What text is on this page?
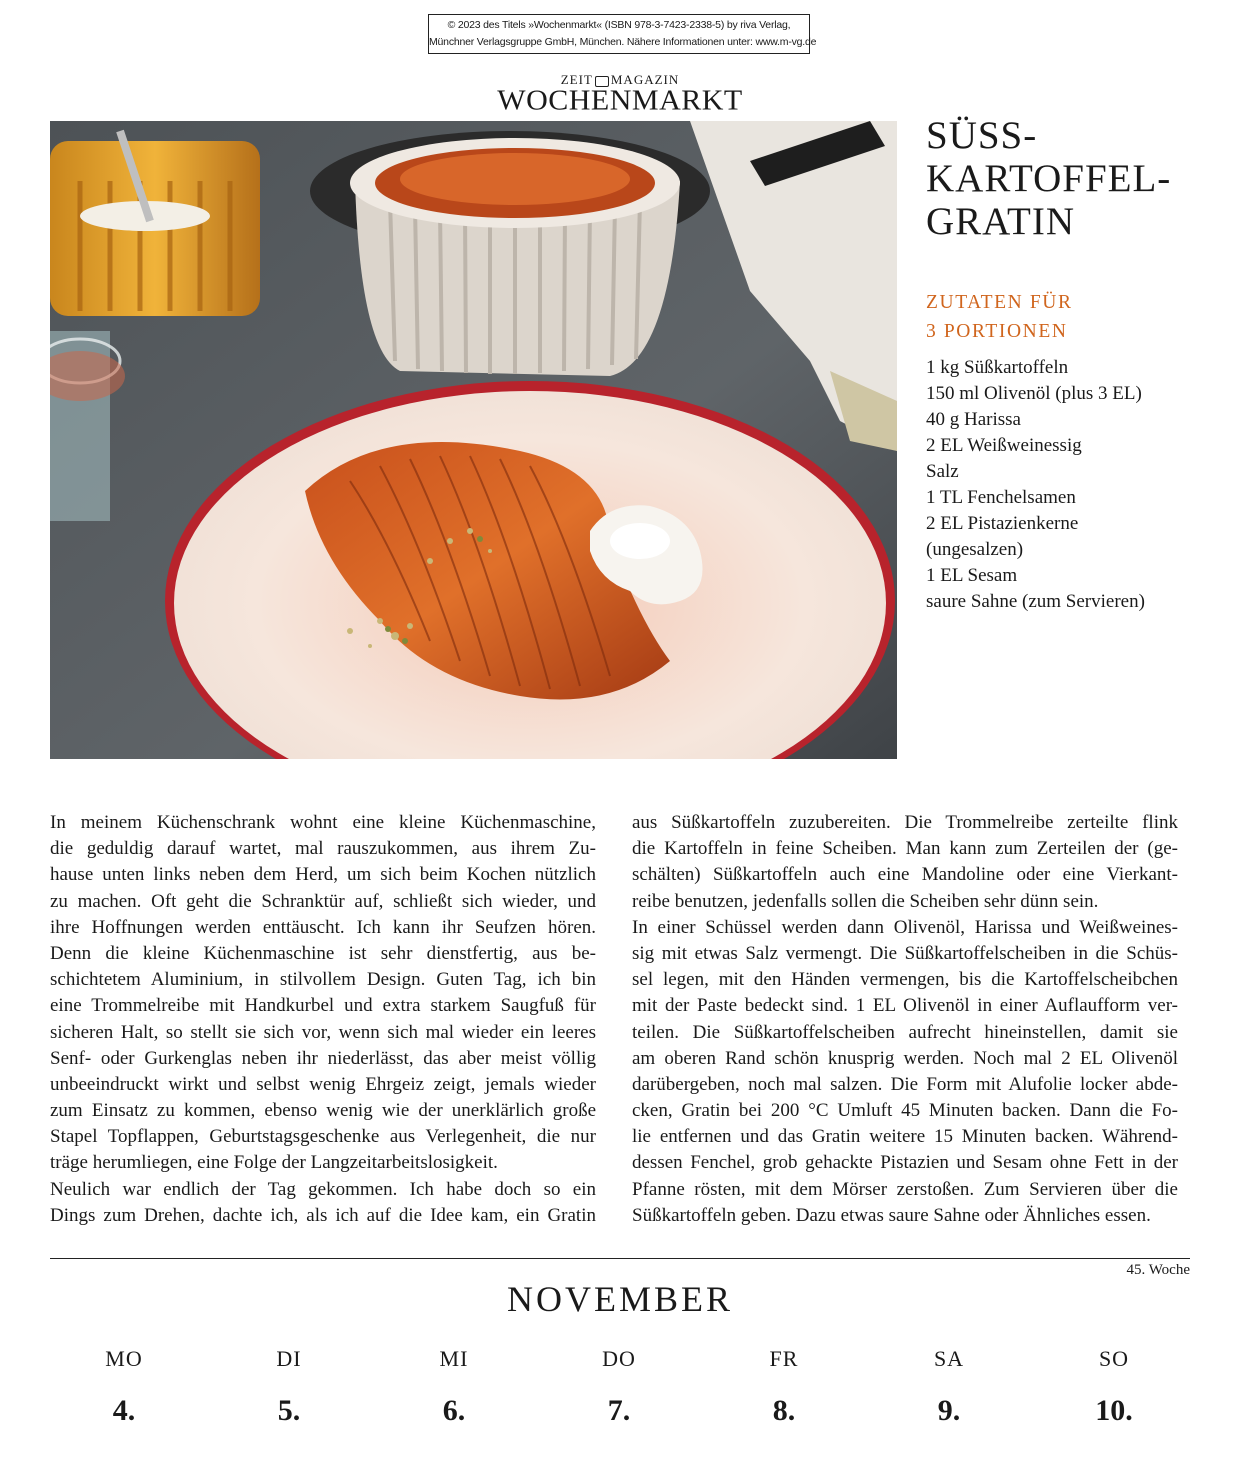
© 2023 des Titels »Wochenmarkt« (ISBN 978-3-7423-2338-5) by riva Verlag,
Münchner Verlagsgruppe GmbH, München. Nähere Informationen unter: www.m-vg.de
ZEIT MAGAZIN
WOCHENMARKT
SÜSS-
KARTOFFEL-
GRATIN
ZUTATEN FÜR
3 PORTIONEN
1 kg Süßkartoffeln
150 ml Olivenöl (plus 3 EL)
40 g Harissa
2 EL Weißweinessig
Salz
1 TL Fenchelsamen
2 EL Pistazienkerne
(ungesalzen)
1 EL Sesam
saure Sahne (zum Servieren)
In meinem Küchenschrank wohnt eine kleine Küchenmaschine,
die geduldig darauf wartet, mal rauszukommen, aus ihrem Zu-
hause unten links neben dem Herd, um sich beim Kochen nützlich
zu machen. Oft geht die Schranktür auf, schließt sich wieder, und
ihre Hoffnungen werden enttäuscht. Ich kann ihr Seufzen hören.
Denn die kleine Küchenmaschine ist sehr dienstfertig, aus be-
schichtetem Aluminium, in stilvollem Design. Guten Tag, ich bin
eine Trommelreibe mit Handkurbel und extra starkem Saugfuß für
sicheren Halt, so stellt sie sich vor, wenn sich mal wieder ein leeres
Senf- oder Gurkenglas neben ihr niederlässt, das aber meist völlig
unbeeindruckt wirkt und selbst wenig Ehrgeiz zeigt, jemals wieder
zum Einsatz zu kommen, ebenso wenig wie der unerklärlich große
Stapel Topflappen, Geburtstagsgeschenke aus Verlegenheit, die nur
träge herumliegen, eine Folge der Langzeitarbeitslosigkeit.
Neulich war endlich der Tag gekommen. Ich habe doch so ein
Dings zum Drehen, dachte ich, als ich auf die Idee kam, ein Gratin
aus Süßkartoffeln zuzubereiten. Die Trommelreibe zerteilte flink
die Kartoffeln in feine Scheiben. Man kann zum Zerteilen der (ge-
schälten) Süßkartoffeln auch eine Mandoline oder eine Vierkant-
reibe benutzen, jedenfalls sollen die Scheiben sehr dünn sein.
In einer Schüssel werden dann Olivenöl, Harissa und Weißweines-
sig mit etwas Salz vermengt. Die Süßkartoffelscheiben in die Schüs-
sel legen, mit den Händen vermengen, bis die Kartoffelscheibchen
mit der Paste bedeckt sind. 1 EL Olivenöl in einer Auflaufform ver-
teilen. Die Süßkartoffelscheiben aufrecht hineinstellen, damit sie
am oberen Rand schön knusprig werden. Noch mal 2 EL Olivenöl
darübergeben, noch mal salzen. Die Form mit Alufolie locker abde-
cken, Gratin bei 200 °C Umluft 45 Minuten backen. Dann die Fo-
lie entfernen und das Gratin weitere 15 Minuten backen. Während-
dessen Fenchel, grob gehackte Pistazien und Sesam ohne Fett in der
Pfanne rösten, mit dem Mörser zerstoßen. Zum Servieren über die
Süßkartoffeln geben. Dazu etwas saure Sahne oder Ähnliches essen.
45. Woche
NOVEMBER
MO
4.
DI
5.
MI
6.
DO
7.
FR
8.
SA
9.
SO
10.
